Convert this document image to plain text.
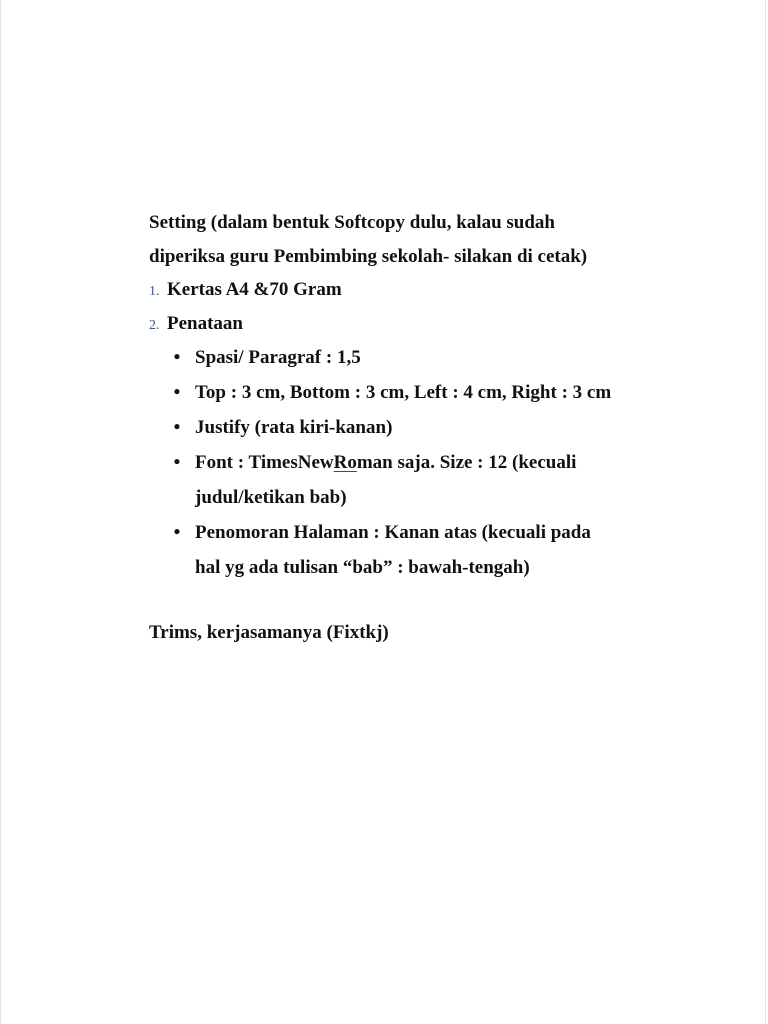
Setting (dalam bentuk Softcopy dulu, kalau sudah diperiksa guru Pembimbing sekolah- silakan di cetak)

1. Kertas A4 &70 Gram
2. Penataan
• Spasi/ Paragraf : 1,5
• Top : 3 cm, Bottom : 3 cm, Left : 4 cm, Right : 3 cm
• Justify (rata kiri-kanan)
• Font : TimesNewRoman saja. Size : 12 (kecuali judul/ketikan bab)
• Penomoran Halaman : Kanan atas (kecuali pada hal yg ada tulisan “bab” : bawah-tengah)

Trims, kerjasamanya (Fixtkj)
